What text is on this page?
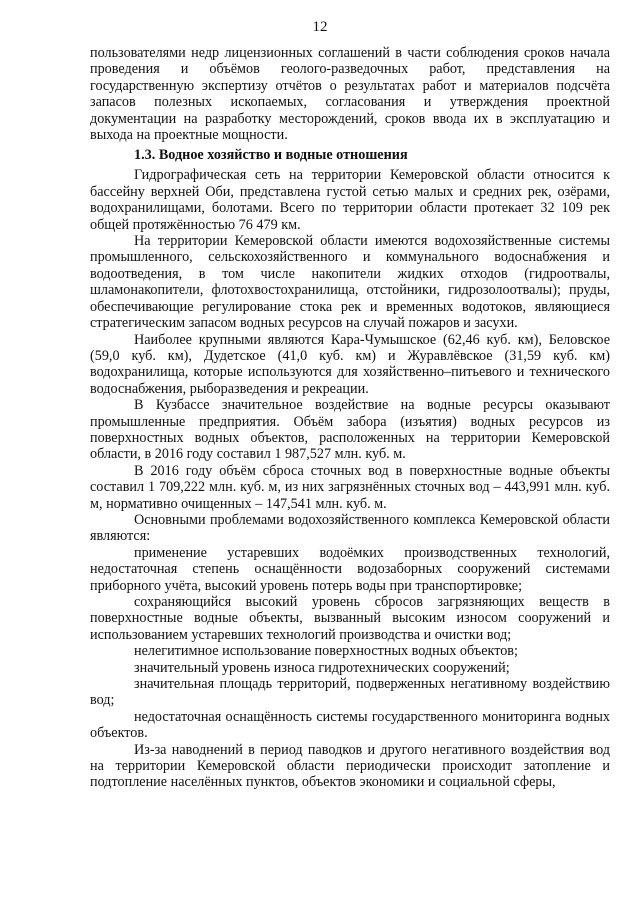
12

пользователями недр лицензионных соглашений в части соблюдения сроков начала проведения и объёмов геолого-разведочных работ, представления на государственную экспертизу отчётов о результатах работ и материалов подсчёта запасов полезных ископаемых, согласования и утверждения проектной документации на разработку месторождений, сроков ввода их в эксплуатацию и выхода на проектные мощности.

1.3. Водное хозяйство и водные отношения

Гидрографическая сеть на территории Кемеровской области относится к бассейну верхней Оби, представлена густой сетью малых и средних рек, озёрами, водохранилищами, болотами. Всего по территории области протекает 32 109 рек общей протяжённостью 76 479 км.

На территории Кемеровской области имеются водохозяйственные системы промышленного, сельскохозяйственного и коммунального водоснабжения и водоотведения, в том числе накопители жидких отходов (гидроотвалы, шламонакопители, флотохвостохранилища, отстойники, гидрозолоотвалы); пруды, обеспечивающие регулирование стока рек и временных водотоков, являющиеся стратегическим запасом водных ресурсов на случай пожаров и засухи.

Наиболее крупными являются Кара-Чумышское (62,46 куб. км), Беловское (59,0 куб. км), Дудетское (41,0 куб. км) и Журавлёвское (31,59 куб. км) водохранилища, которые используются для хозяйственно–питьевого и технического водоснабжения, рыборазведения и рекреации.

В Кузбассе значительное воздействие на водные ресурсы оказывают промышленные предприятия. Объём забора (изъятия) водных ресурсов из поверхностных водных объектов, расположенных на территории Кемеровской области, в 2016 году составил 1 987,527 млн. куб. м.

В 2016 году объём сброса сточных вод в поверхностные водные объекты составил 1 709,222 млн. куб. м, из них загрязнённых сточных вод – 443,991 млн. куб. м, нормативно очищенных – 147,541 млн. куб. м.

Основными проблемами водохозяйственного комплекса Кемеровской области являются:

применение устаревших водоёмких производственных технологий, недостаточная степень оснащённости водозаборных сооружений системами приборного учёта, высокий уровень потерь воды при транспортировке;

сохраняющийся высокий уровень сбросов загрязняющих веществ в поверхностные водные объекты, вызванный высоким износом сооружений и использованием устаревших технологий производства и очистки вод;

нелегитимное использование поверхностных водных объектов;

значительный уровень износа гидротехнических сооружений;

значительная площадь территорий, подверженных негативному воздействию вод;

недостаточная оснащённость системы государственного мониторинга водных объектов.

Из-за наводнений в период паводков и другого негативного воздействия вод на территории Кемеровской области периодически происходит затопление и подтопление населённых пунктов, объектов экономики и социальной сферы,
